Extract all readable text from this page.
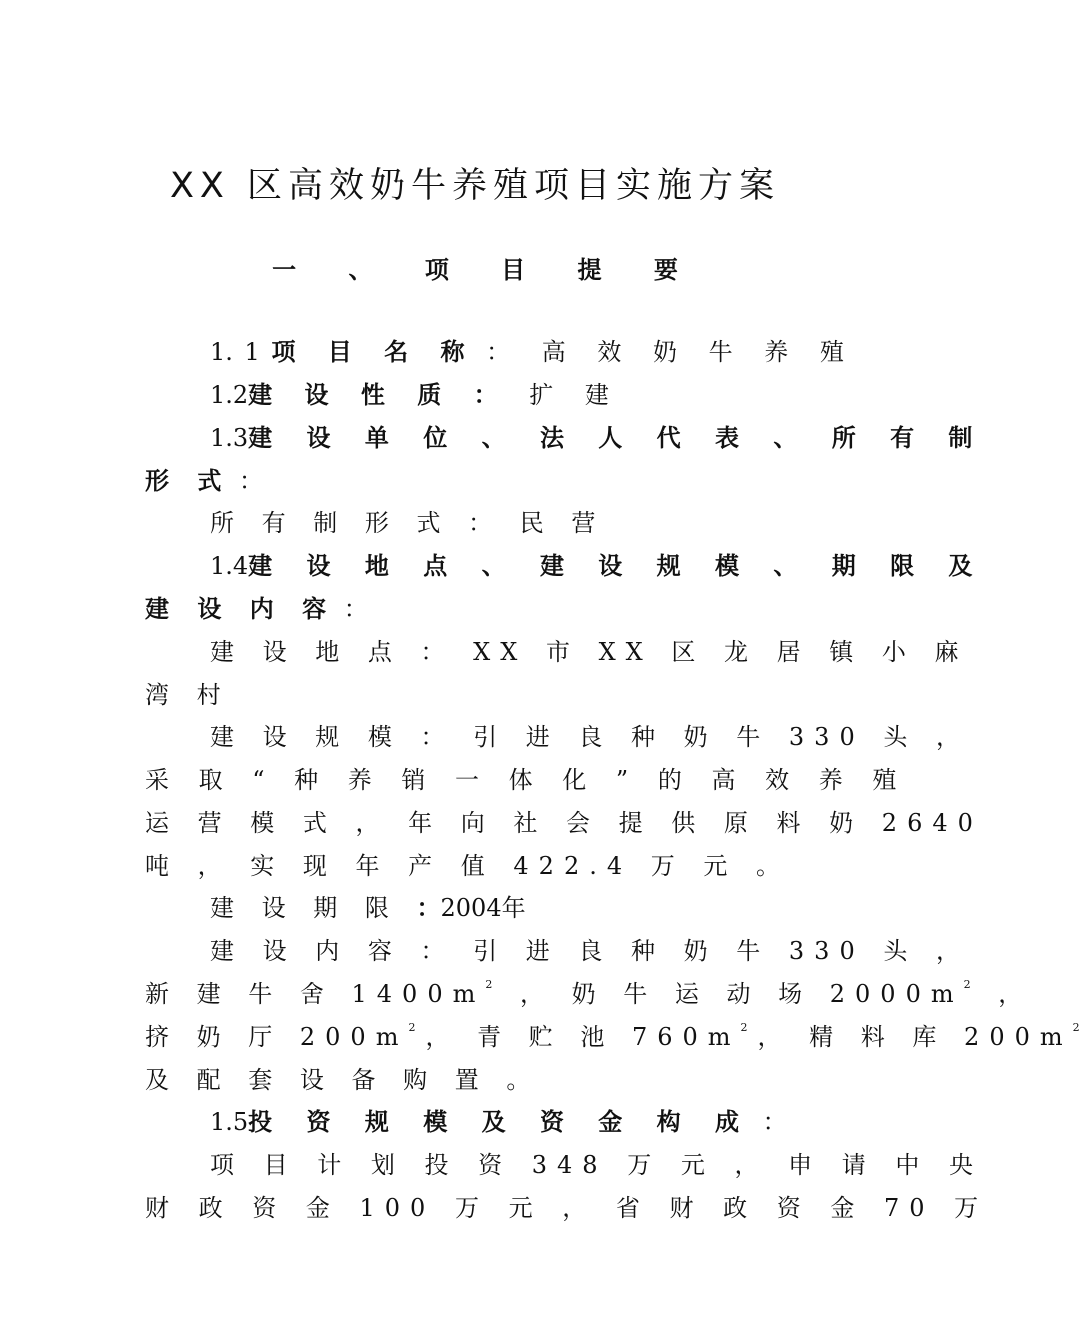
XX 区高效奶牛养殖项目实施方案
一 、 项 目 提 要
1. 1 项 目 名 称 ： 高 效 奶 牛 养 殖
1.2建 设 性 质 ： 扩 建
1.3建 设 单 位 、 法 人 代 表 、 所 有 制
形 式 ：
所 有 制 形 式 ： 民 营
1.4建 设 地 点 、 建 设 规 模 、 期 限 及
建 设 内 容 ：
建 设 地 点 ： XX 市 XX 区 龙 居 镇 小 麻
湾 村
建 设 规 模 ： 引 进 良 种 奶 牛 330 头 ，
采 取 “ 种 养 销 一 体 化 ” 的 高 效 养 殖
运 营 模 式 ， 年 向 社 会 提 供 原 料 奶 2640
吨 ， 实 现 年 产 值 422.4 万 元 。
建 设 期 限 ：2004年
建 设 内 容 ： 引 进 良 种 奶 牛 330 头 ，
新 建 牛 舍 $1400m^2$ ， 奶 牛 运 动 场 $2000m^2$ ，
挤 奶 厅 $200m^2$， 青 贮 池 $760m^2$， 精 料 库 $200m^2$
及 配 套 设 备 购 置 。
1.5投 资 规 模 及 资 金 构 成 ：
项 目 计 划 投 资 348 万 元 ， 申 请 中 央
财 政 资 金 100 万 元 ， 省 财 政 资 金 70 万
